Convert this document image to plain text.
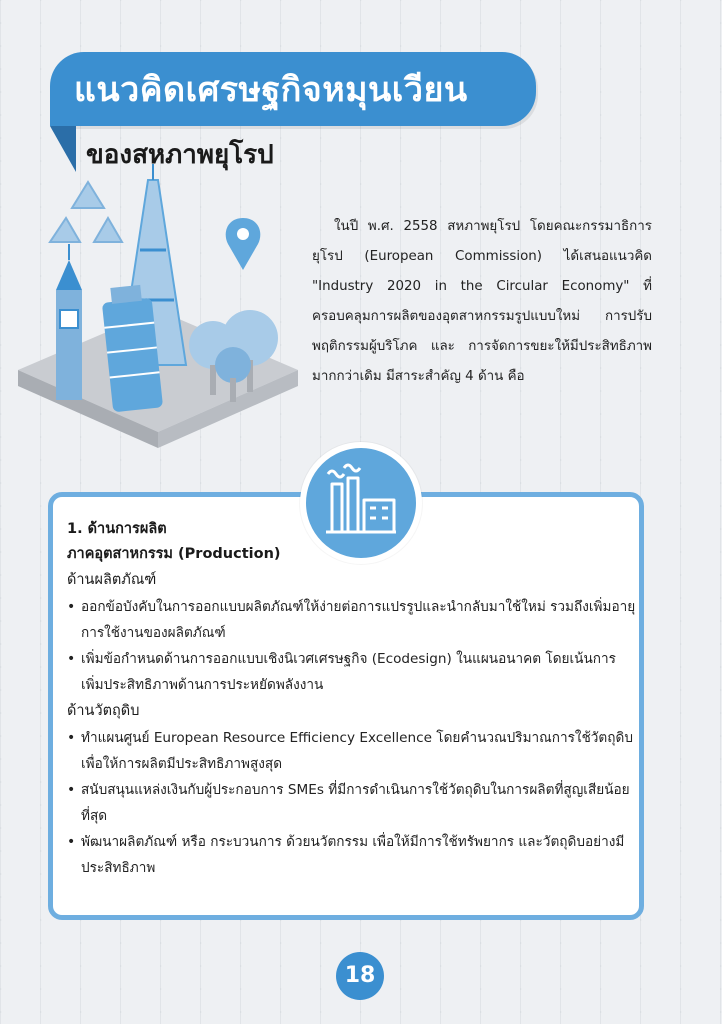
แนวคิดเศรษฐกิจหมุนเวียน
ของสหภาพยุโรป
ในปี พ.ศ. 2558 สหภาพยุโรป โดยคณะกรรมาธิการยุโรป (European Commission) ได้เสนอแนวคิด "Industry 2020 in the Circular Economy" ที่ครอบคลุมการผลิตของอุตสาหกรรมรูปแบบใหม่ การปรับพฤติกรรมผู้บริโภค และ การจัดการขยะให้มีประสิทธิภาพมากกว่าเดิม มีสาระสำคัญ 4 ด้าน คือ
1. ด้านการผลิต
ภาคอุตสาหกรรม (Production)
ด้านผลิตภัณฑ์
• ออกข้อบังคับในการออกแบบผลิตภัณฑ์ให้ง่ายต่อการแปรรูปและนำกลับมาใช้ใหม่ รวมถึงเพิ่มอายุการใช้งานของผลิตภัณฑ์
• เพิ่มข้อกำหนดด้านการออกแบบเชิงนิเวศเศรษฐกิจ (Ecodesign) ในแผนอนาคต โดยเน้นการเพิ่มประสิทธิภาพด้านการประหยัดพลังงาน
ด้านวัตถุดิบ
• ทำแผนศูนย์ European Resource Efficiency Excellence โดยคำนวณปริมาณการใช้วัตถุดิบเพื่อให้การผลิตมีประสิทธิภาพสูงสุด
• สนับสนุนแหล่งเงินกับผู้ประกอบการ SMEs ที่มีการดำเนินการใช้วัตถุดิบในการผลิตที่สูญเสียน้อยที่สุด
• พัฒนาผลิตภัณฑ์ หรือ กระบวนการ ด้วยนวัตกรรม เพื่อให้มีการใช้ทรัพยากร และวัตถุดิบอย่างมีประสิทธิภาพ
18
